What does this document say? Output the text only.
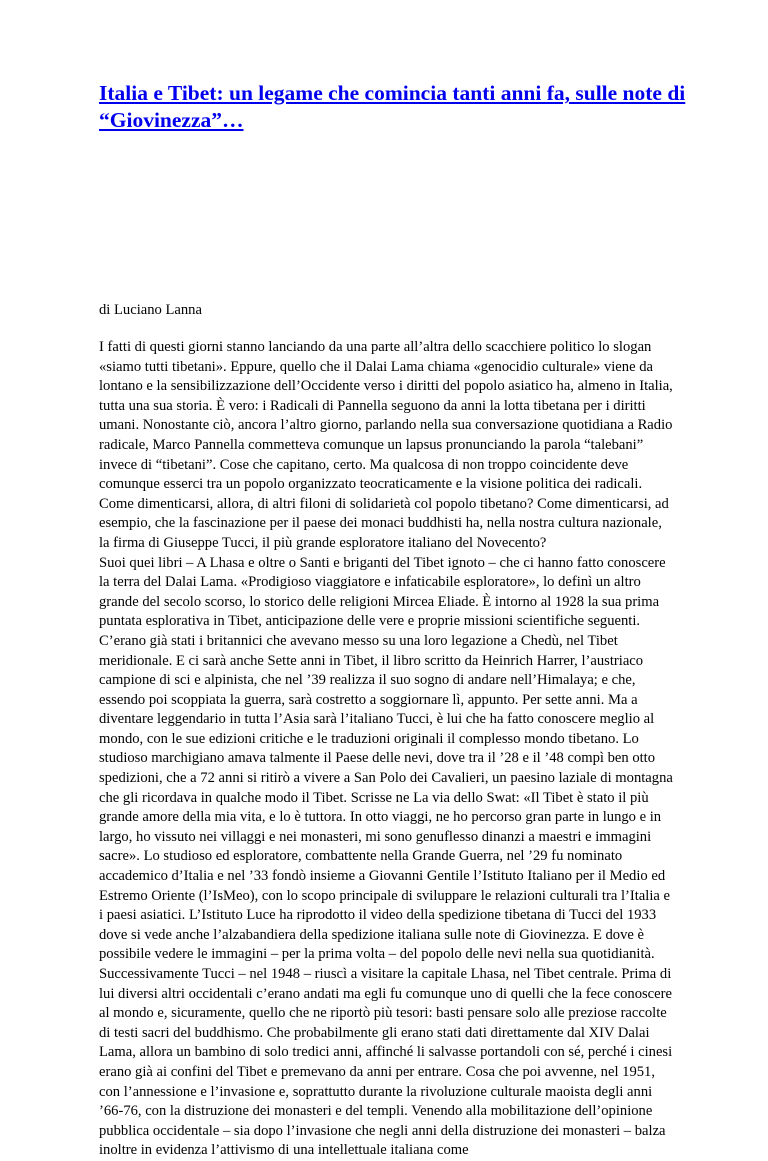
Italia e Tibet: un legame che comincia tanti anni fa, sulle note di “Giovinezza”…

di Luciano Lanna

I fatti di questi giorni stanno lanciando da una parte all’altra dello scacchiere politico lo slogan «siamo tutti tibetani». Eppure, quello che il Dalai Lama chiama «genocidio culturale» viene da lontano e la sensibilizzazione dell’Occidente verso i diritti del popolo asiatico ha, almeno in Italia, tutta una sua storia. È vero: i Radicali di Pannella seguono da anni la lotta tibetana per i diritti umani. Nonostante ciò, ancora l’altro giorno, parlando nella sua conversazione quotidiana a Radio radicale, Marco Pannella commetteva comunque un lapsus pronunciando la parola “talebani” invece di “tibetani”. Cose che capitano, certo. Ma qualcosa di non troppo coincidente deve comunque esserci tra un popolo organizzato teocraticamente e la visione politica dei radicali. Come dimenticarsi, allora, di altri filoni di solidarietà col popolo tibetano? Come dimenticarsi, ad esempio, che la fascinazione per il paese dei monaci buddhisti ha, nella nostra cultura nazionale, la firma di Giuseppe Tucci, il più grande esploratore italiano del Novecento?
Suoi quei libri – A Lhasa e oltre o Santi e briganti del Tibet ignoto – che ci hanno fatto conoscere la terra del Dalai Lama. «Prodigioso viaggiatore e infaticabile esploratore», lo definì un altro grande del secolo scorso, lo storico delle religioni Mircea Eliade. È intorno al 1928 la sua prima puntata esplorativa in Tibet, anticipazione delle vere e proprie missioni scientifiche seguenti. C’erano già stati i britannici che avevano messo su una loro legazione a Chedù, nel Tibet meridionale. E ci sarà anche Sette anni in Tibet, il libro scritto da Heinrich Harrer, l’austriaco campione di sci e alpinista, che nel ’39 realizza il suo sogno di andare nell’Himalaya; e che, essendo poi scoppiata la guerra, sarà costretto a soggiornare lì, appunto. Per sette anni. Ma a diventare leggendario in tutta l’Asia sarà l’italiano Tucci, è lui che ha fatto conoscere meglio al mondo, con le sue edizioni critiche e le traduzioni originali il complesso mondo tibetano. Lo studioso marchigiano amava talmente il Paese delle nevi, dove tra il ’28 e il ’48 compì ben otto spedizioni, che a 72 anni si ritirò a vivere a San Polo dei Cavalieri, un paesino laziale di montagna che gli ricordava in qualche modo il Tibet. Scrisse ne La via dello Swat: «Il Tibet è stato il più grande amore della mia vita, e lo è tuttora. In otto viaggi, ne ho percorso gran parte in lungo e in largo, ho vissuto nei villaggi e nei monasteri, mi sono genuflesso dinanzi a maestri e immagini sacre». Lo studioso ed esploratore, combattente nella Grande Guerra, nel ’29 fu nominato accademico d’Italia e nel ’33 fondò insieme a Giovanni Gentile l’Istituto Italiano per il Medio ed Estremo Oriente (l’IsMeo), con lo scopo principale di sviluppare le relazioni culturali tra l’Italia e i paesi asiatici. L’Istituto Luce ha riprodotto il video della spedizione tibetana di Tucci del 1933 dove si vede anche l’alzabandiera della spedizione italiana sulle note di Giovinezza. E dove è possibile vedere le immagini – per la prima volta – del popolo delle nevi nella sua quotidianità. Successivamente Tucci – nel 1948 – riuscì a visitare la capitale Lhasa, nel Tibet centrale. Prima di lui diversi altri occidentali c’erano andati ma egli fu comunque uno di quelli che la fece conoscere al mondo e, sicuramente, quello che ne riportò più tesori: basti pensare solo alle preziose raccolte di testi sacri del buddhismo. Che probabilmente gli erano stati dati direttamente dal XIV Dalai Lama, allora un bambino di solo tredici anni, affinché li salvasse portandoli con sé, perché i cinesi erano già ai confini del Tibet e premevano da anni per entrare. Cosa che poi avvenne, nel 1951, con l’annessione e l’invasione e, soprattutto durante la rivoluzione culturale maoista degli anni ’66-76, con la distruzione dei monasteri e del templi. Venendo alla mobilitazione dell’opinione pubblica occidentale – sia dopo l’invasione che negli anni della distruzione dei monasteri – balza inoltre in evidenza l’attivismo di una intellettuale italiana come
